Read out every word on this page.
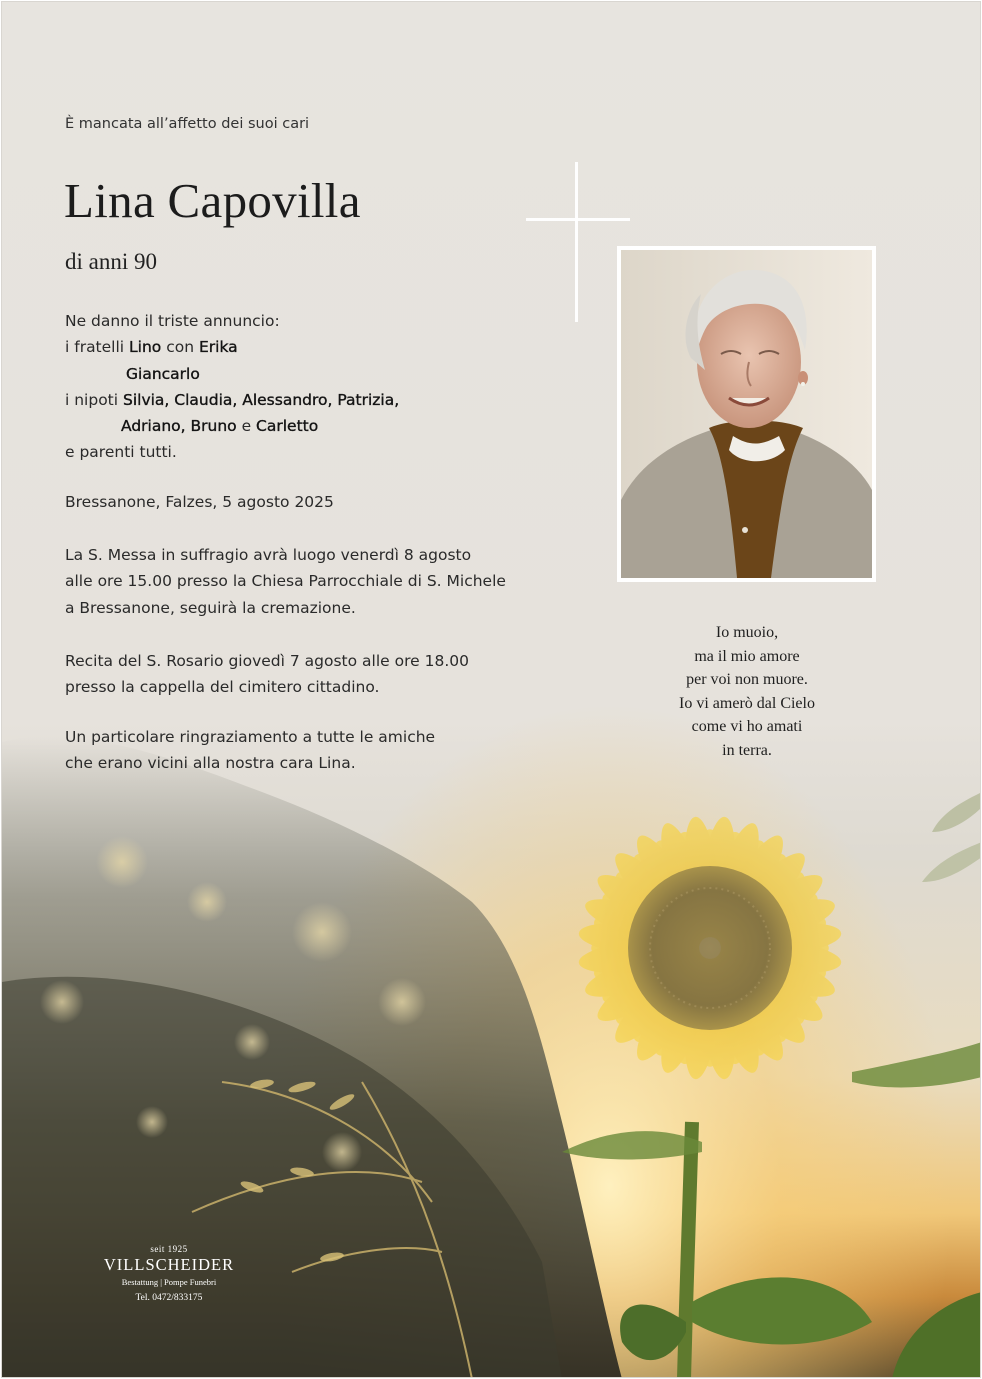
È mancata all’affetto dei suoi cari
Lina Capovilla
di anni 90
Ne danno il triste annuncio:
i fratelli Lino con Erika
Giancarlo
i nipoti Silvia, Claudia, Alessandro, Patrizia,
Adriano, Bruno e Carletto
e parenti tutti.
Bressanone, Falzes, 5 agosto 2025
La S. Messa in suffragio avrà luogo venerdì 8 agosto
alle ore 15.00 presso la Chiesa Parrocchiale di S. Michele
a Bressanone, seguirà la cremazione.
Recita del S. Rosario giovedì 7 agosto alle ore 18.00
presso la cappella del cimitero cittadino.
Un particolare ringraziamento a tutte le amiche
che erano vicini alla nostra cara Lina.
Io muoio,
ma il mio amore
per voi non muore.
Io vi amerò dal Cielo
come vi ho amati
in terra.
seit 1925
VILLSCHEIDER
Bestattung | Pompe Funebri
Tel. 0472/833175
